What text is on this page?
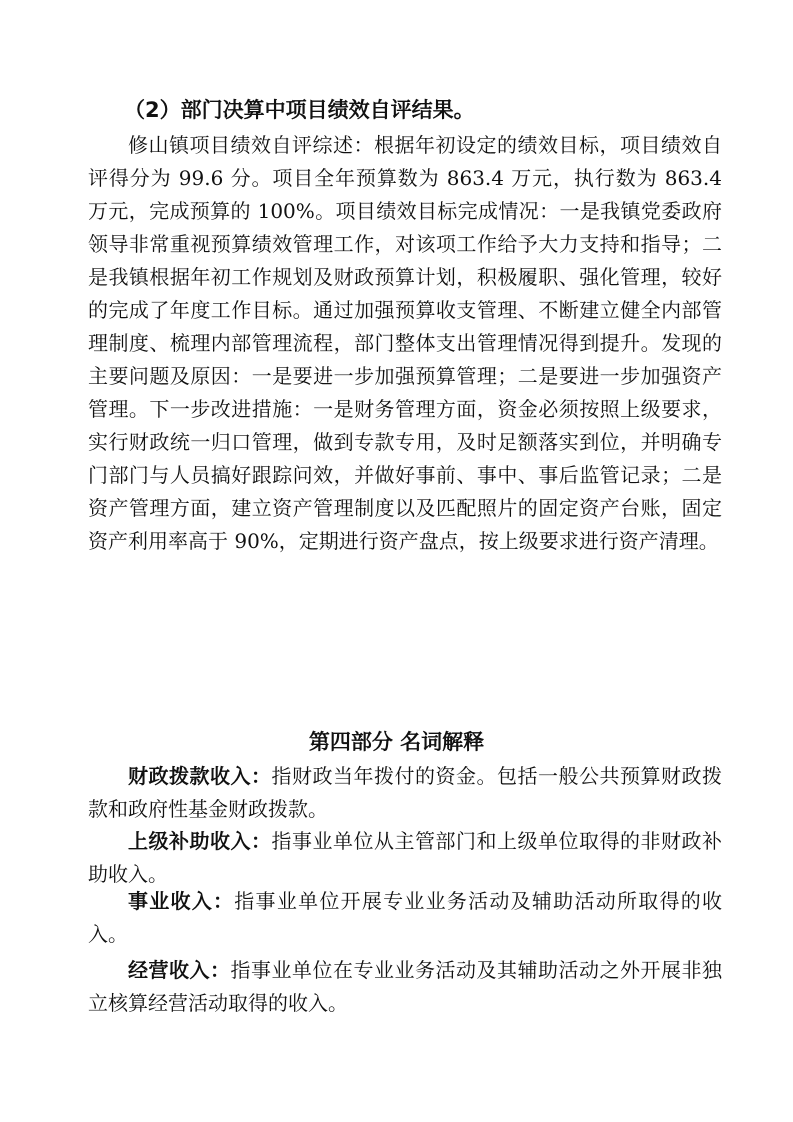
（2）部门决算中项目绩效自评结果。

修山镇项目绩效自评综述：根据年初设定的绩效目标，项目绩效自评得分为 99.6 分。项目全年预算数为 863.4 万元，执行数为 863.4 万元，完成预算的 100%。项目绩效目标完成情况：一是我镇党委政府领导非常重视预算绩效管理工作，对该项工作给予大力支持和指导；二是我镇根据年初工作规划及财政预算计划，积极履职、强化管理，较好的完成了年度工作目标。通过加强预算收支管理、不断建立健全内部管理制度、梳理内部管理流程，部门整体支出管理情况得到提升。发现的主要问题及原因：一是要进一步加强预算管理；二是要进一步加强资产管理。下一步改进措施：一是财务管理方面，资金必须按照上级要求，实行财政统一归口管理，做到专款专用，及时足额落实到位，并明确专门部门与人员搞好跟踪问效，并做好事前、事中、事后监管记录；二是资产管理方面，建立资产管理制度以及匹配照片的固定资产台账，固定资产利用率高于 90%，定期进行资产盘点，按上级要求进行资产清理。

第四部分 名词解释

财政拨款收入：指财政当年拨付的资金。包括一般公共预算财政拨款和政府性基金财政拨款。

上级补助收入：指事业单位从主管部门和上级单位取得的非财政补助收入。

事业收入：指事业单位开展专业业务活动及辅助活动所取得的收入。

经营收入：指事业单位在专业业务活动及其辅助活动之外开展非独立核算经营活动取得的收入。
